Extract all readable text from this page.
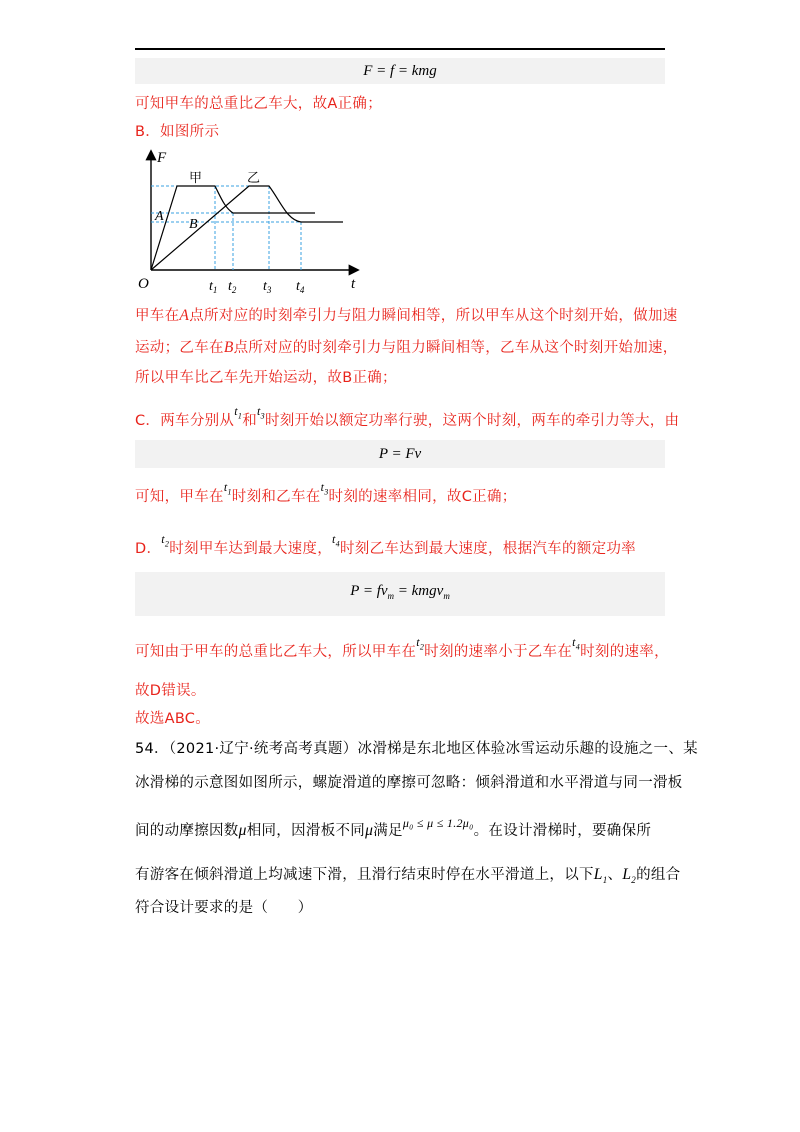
F = f = kmg
可知甲车的总重比乙车大，故A正确；
B．如图所示
F
t
O
甲	乙
A
B
$t_1$ $t_2$ $t_3$ $t_4$
甲车在A点所对应的时刻牵引力与阻力瞬间相等，所以甲车从这个时刻开始，做加速
运动；乙车在B点所对应的时刻牵引力与阻力瞬间相等，乙车从这个时刻开始加速，
所以甲车比乙车先开始运动，故B正确；
C．两车分别从$^{t_1}$和$^{t_3}$时刻开始以额定功率行驶，这两个时刻，两车的牵引力等大，由
P = Fv
可知，甲车在$^{t_1}$时刻和乙车在$^{t_3}$时刻的速率相同，故C正确；
D．$^{t_2}$时刻甲车达到最大速度，$^{t_4}$时刻乙车达到最大速度，根据汽车的额定功率
$P = fv_m$ = kmgv$_m$
可知由于甲车的总重比乙车大，所以甲车在$^{t_2}$时刻的速率小于乙车在$^{t_4}$时刻的速率，
故D错误。
故选ABC。
54．（2021·辽宁·统考高考真题）冰滑梯是东北地区体验冰雪运动乐趣的设施之一、某
冰滑梯的示意图如图所示，螺旋滑道的摩擦可忽略：倾斜滑道和水平滑道与同一滑板
间的动摩擦因数μ相同，因滑板不同μ满足$^{\mu_0 \le \mu \le 1.2\mu_0}$。在设计滑梯时，要确保所
有游客在倾斜滑道上均减速下滑，且滑行结束时停在水平滑道上，以下$L_1$、$L_2$的组合
符合设计要求的是（　　）
